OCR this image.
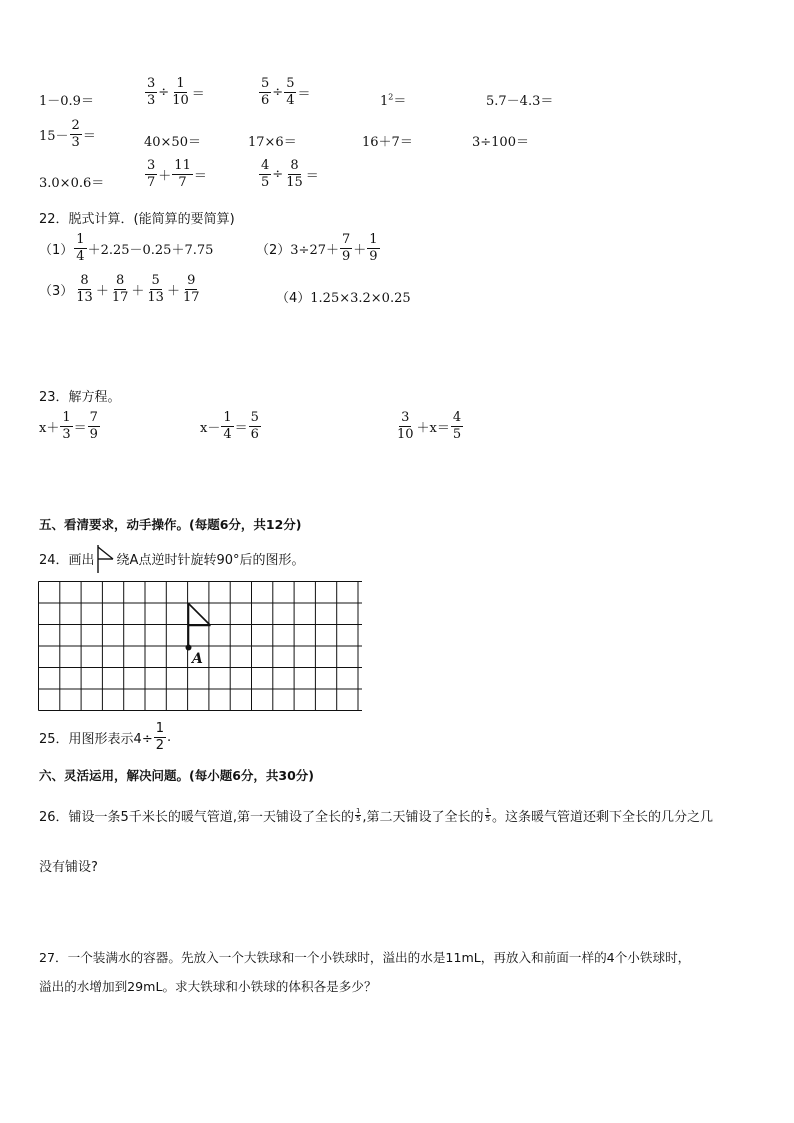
1－0.9＝	$\frac{3}{3} \div \frac{1}{10}$ ＝	$\frac{5}{6} \div \frac{5}{4}$ ＝	$1^2=$	5.7－4.3＝
$15- \frac{2}{3}$ ＝	40×50＝	17×6＝	16＋7＝	3÷100＝
3.0×0.6＝	$\frac{3}{7} + \frac{11}{7}$ ＝	$\frac{4}{5} \div \frac{8}{15}$ ＝
22．脱式计算．(能简算的要简算)
$(1) \frac{1}{4} +2.25-0.25+7.75$	$(2)3\div 27+ \frac{7}{9} + \frac{1}{9}$
$(3) \frac{8}{13} + \frac{8}{17} + \frac{5}{13} + \frac{9}{17}$	（4）1.25×3.2×0.25
23．解方程。
$x+ \frac{1}{3} = \frac{7}{9}$	$x- \frac{1}{4} = \frac{5}{6}$	$\frac{3}{10} +x= \frac{4}{5}$
五、看清要求，动手操作。(每题6分，共12分)
24．画出 绕A点逆时针旋转90°后的图形。
A
25．用图形表示$4\div \frac{1}{2}$ .
六、灵活运用，解决问题。(每小题6分，共30分)
26．铺设一条5千米长的暖气管道,第一天铺设了全长的 $\frac{1}{5}$ ,第二天铺设了全长的 $\frac{1}{5}$ 。这条暖气管道还剩下全长的几分之几
没有铺设?
27．一个装满水的容器。先放入一个大铁球和一个小铁球时，溢出的水是11mL，再放入和前面一样的4个小铁球时，
溢出的水增加到29mL。求大铁球和小铁球的体积各是多少？
